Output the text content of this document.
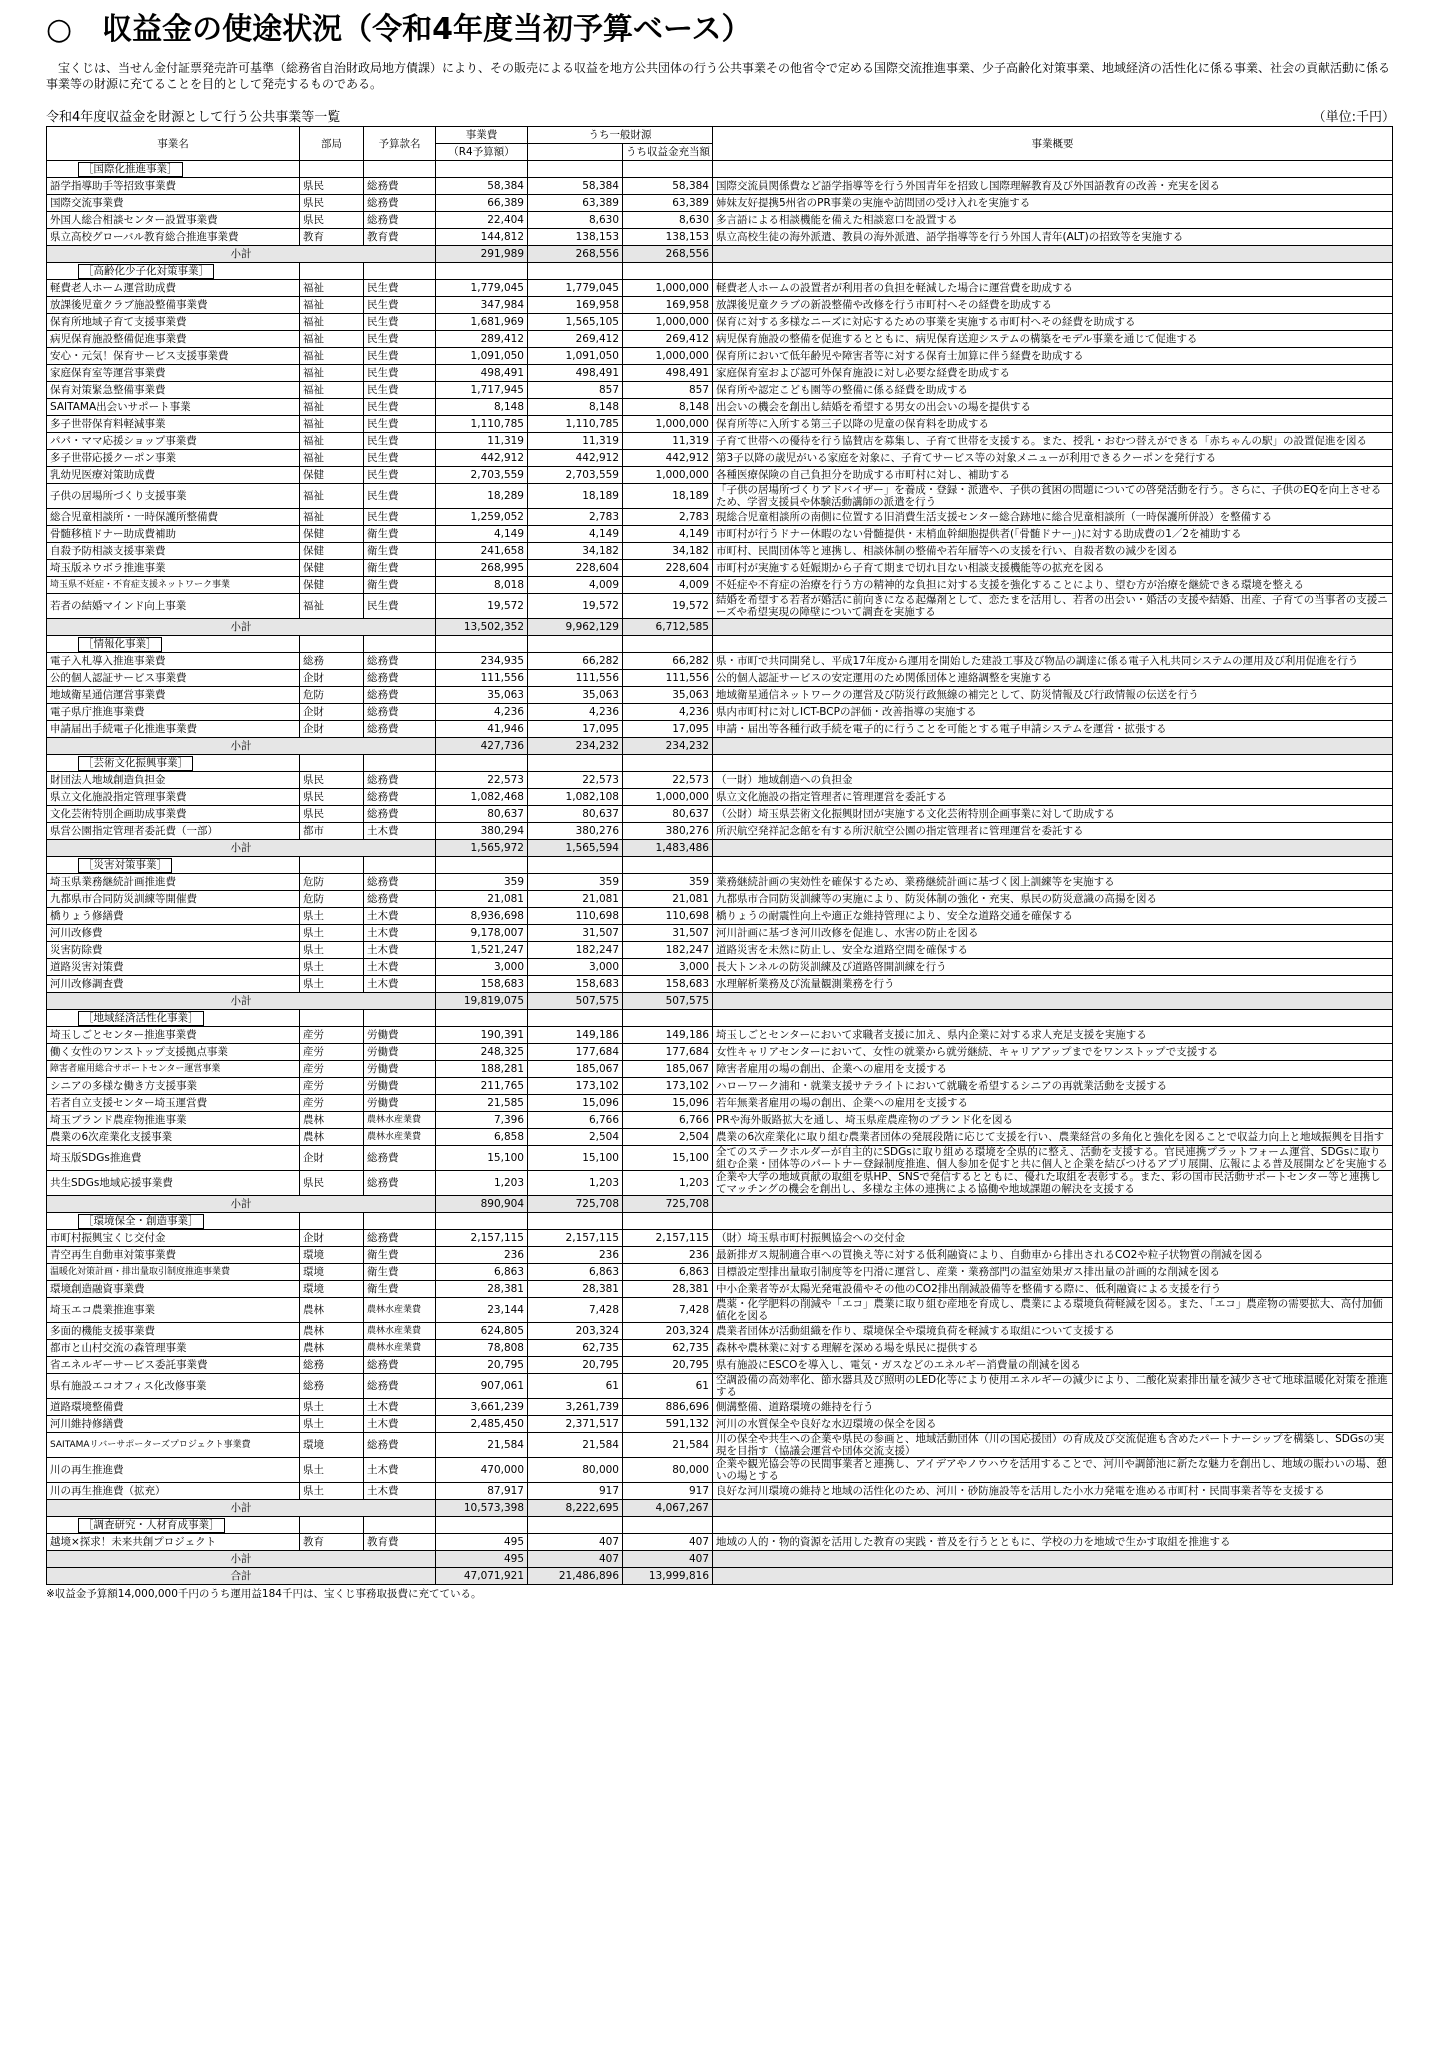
○　収益金の使途状況（令和4年度当初予算ベース）

宝くじは、当せん金付証票発売許可基準（総務省自治財政局地方債課）により、その販売による収益を地方公共団体の行う公共事業その他省令で定める国際交流推進事業、少子高齢化対策事業、地域経済の活性化に係る事業、社会の貢献活動に係る事業等の財源に充てることを目的として発売するものである。

令和4年度収益金を財源として行う公共事業等一覧	（単位:千円）
事業名	部局	予算款名	事業費	うち一般財源		事業概要
			（R4予算額）		うち収益金充当額	
［国際化推進事業］						
語学指導助手等招致事業費	県民	総務費	58,384	58,384	58,384	国際交流員関係費など語学指導等を行う外国青年を招致し国際理解教育及び外国語教育の改善・充実を図る
国際交流事業費	県民	総務費	66,389	63,389	63,389	姉妹友好提携5州省のPR事業の実施や訪問団の受け入れを実施する
外国人総合相談センター設置事業費	県民	総務費	22,404	8,630	8,630	多言語による相談機能を備えた相談窓口を設置する
県立高校グローバル教育総合推進事業費	教育	教育費	144,812	138,153	138,153	県立高校生徒の海外派遣、教員の海外派遣、語学指導等を行う外国人青年(ALT)の招致等を実施する
小計			291,989	268,556	268,556	
［高齢化少子化対策事業］						
軽費老人ホーム運営助成費	福祉	民生費	1,779,045	1,779,045	1,000,000	軽費老人ホームの設置者が利用者の負担を軽減した場合に運営費を助成する
放課後児童クラブ施設整備事業費	福祉	民生費	347,984	169,958	169,958	放課後児童クラブの新設整備や改修を行う市町村へその経費を助成する
保育所地域子育て支援事業費	福祉	民生費	1,681,969	1,565,105	1,000,000	保育に対する多様なニーズに対応するための事業を実施する市町村へその経費を助成する
病児保育施設整備促進事業費	福祉	民生費	289,412	269,412	269,412	病児保育施設の整備を促進するとともに、病児保育送迎システムの構築をモデル事業を通じて促進する
安心・元気！保育サービス支援事業費	福祉	民生費	1,091,050	1,091,050	1,000,000	保育所において低年齢児や障害者等に対する保育士加算に伴う経費を助成する
家庭保育室等運営事業費	福祉	民生費	498,491	498,491	498,491	家庭保育室および認可外保育施設に対し必要な経費を助成する
保育対策緊急整備事業費	福祉	民生費	1,717,945	857	857	保育所や認定こども園等の整備に係る経費を助成する
SAITAMA出会いサポート事業	福祉	民生費	8,148	8,148	8,148	出会いの機会を創出し結婚を希望する男女の出会いの場を提供する
多子世帯保育料軽減事業	福祉	民生費	1,110,785	1,110,785	1,000,000	保育所等に入所する第三子以降の児童の保育料を助成する
パパ・ママ応援ショップ事業費	福祉	民生費	11,319	11,319	11,319	子育て世帯への優待を行う協賛店を募集し、子育て世帯を支援する。また、授乳・おむつ替えができる「赤ちゃんの駅」の設置促進を図る
多子世帯応援クーポン事業	福祉	民生費	442,912	442,912	442,912	第3子以降の歳児がいる家庭を対象に、子育てサービス等の対象メニューが利用できるクーポンを発行する
乳幼児医療対策助成費	保健	民生費	2,703,559	2,703,559	1,000,000	各種医療保険の自己負担分を助成する市町村に対し、補助する
子供の居場所づくり支援事業	福祉	民生費	18,289	18,189	18,189	「子供の居場所づくりアドバイザー」を養成・登録・派遣や、子供の貧困の問題についての啓発活動を行う。さらに、子供のEQを向上させるため、学習支援員や体験活動講師の派遣を行う
総合児童相談所・一時保護所整備費	福祉	民生費	1,259,052	2,783	2,783	現総合児童相談所の南側に位置する旧消費生活支援センター総合跡地に総合児童相談所（一時保護所併設）を整備する
骨髄移植ドナー助成費補助	保健	衛生費	4,149	4,149	4,149	市町村が行うドナー休暇のない骨髄提供・末梢血幹細胞提供者(「骨髄ドナー」)に対する助成費の1／2を補助する
自殺予防相談支援事業費	保健	衛生費	241,658	34,182	34,182	市町村、民間団体等と連携し、相談体制の整備や若年層等への支援を行い、自殺者数の減少を図る
埼玉版ネウボラ推進事業	保健	衛生費	268,995	228,604	228,604	市町村が実施する妊娠期から子育て期まで切れ目ない相談支援機能等の拡充を図る
埼玉県不妊症・不育症支援ネットワーク事業	保健	衛生費	8,018	4,009	4,009	不妊症や不育症の治療を行う方の精神的な負担に対する支援を強化することにより、望む方が治療を継続できる環境を整える
若者の結婚マインド向上事業	福祉	民生費	19,572	19,572	19,572	結婚を希望する若者が婚活に前向きになる起爆剤として、恋たまを活用し、若者の出会い・婚活の支援や結婚、出産、子育ての当事者の支援ニーズや希望実現の障壁について調査を実施する
小計			13,502,352	9,962,129	6,712,585	
［情報化事業］						
電子入札導入推進事業費	総務	総務費	234,935	66,282	66,282	県・市町で共同開発し、平成17年度から運用を開始した建設工事及び物品の調達に係る電子入札共同システムの運用及び利用促進を行う
公的個人認証サービス事業費	企財	総務費	111,556	111,556	111,556	公的個人認証サービスの安定運用のため関係団体と連絡調整を実施する
地域衛星通信運営事業費	危防	総務費	35,063	35,063	35,063	地域衛星通信ネットワークの運営及び防災行政無線の補完として、防災情報及び行政情報の伝送を行う
電子県庁推進事業費	企財	総務費	4,236	4,236	4,236	県内市町村に対しICT-BCPの評価・改善指導の実施する
申請届出手続電子化推進事業費	企財	総務費	41,946	17,095	17,095	申請・届出等各種行政手続を電子的に行うことを可能とする電子申請システムを運営・拡張する
小計			427,736	234,232	234,232	
［芸術文化振興事業］						
財団法人地域創造負担金	県民	総務費	22,573	22,573	22,573	（一財）地域創造への負担金
県立文化施設指定管理事業費	県民	総務費	1,082,468	1,082,108	1,000,000	県立文化施設の指定管理者に管理運営を委託する
文化芸術特別企画助成事業費	県民	総務費	80,637	80,637	80,637	（公財）埼玉県芸術文化振興財団が実施する文化芸術特別企画事業に対して助成する
県営公園指定管理者委託費（一部）	都市	土木費	380,294	380,276	380,276	所沢航空発祥記念館を有する所沢航空公園の指定管理者に管理運営を委託する
小計			1,565,972	1,565,594	1,483,486	
［災害対策事業］						
埼玉県業務継続計画推進費	危防	総務費	359	359	359	業務継続計画の実効性を確保するため、業務継続計画に基づく図上訓練等を実施する
九都県市合同防災訓練等開催費	危防	総務費	21,081	21,081	21,081	九都県市合同防災訓練等の実施により、防災体制の強化・充実、県民の防災意識の高揚を図る
橋りょう修繕費	県土	土木費	8,936,698	110,698	110,698	橋りょうの耐震性向上や適正な維持管理により、安全な道路交通を確保する
河川改修費	県土	土木費	9,178,007	31,507	31,507	河川計画に基づき河川改修を促進し、水害の防止を図る
災害防除費	県土	土木費	1,521,247	182,247	182,247	道路災害を未然に防止し、安全な道路空間を確保する
道路災害対策費	県土	土木費	3,000	3,000	3,000	長大トンネルの防災訓練及び道路啓開訓練を行う
河川改修調査費	県土	土木費	158,683	158,683	158,683	水理解析業務及び流量観測業務を行う
小計			19,819,075	507,575	507,575	
［地域経済活性化事業］						
埼玉しごとセンター推進事業費	産労	労働費	190,391	149,186	149,186	埼玉しごとセンターにおいて求職者支援に加え、県内企業に対する求人充足支援を実施する
働く女性のワンストップ支援拠点事業	産労	労働費	248,325	177,684	177,684	女性キャリアセンターにおいて、女性の就業から就労継続、キャリアアップまでをワンストップで支援する
障害者雇用総合サポートセンター運営事業	産労	労働費	188,281	185,067	185,067	障害者雇用の場の創出、企業への雇用を支援する
シニアの多様な働き方支援事業	産労	労働費	211,765	173,102	173,102	ハローワーク浦和・就業支援サテライトにおいて就職を希望するシニアの再就業活動を支援する
若者自立支援センター埼玉運営費	産労	労働費	21,585	15,096	15,096	若年無業者雇用の場の創出、企業への雇用を支援する
埼玉ブランド農産物推進事業	農林	農林水産業費	7,396	6,766	6,766	PRや海外販路拡大を通し、埼玉県産農産物のブランド化を図る
農業の6次産業化支援事業	農林	農林水産業費	6,858	2,504	2,504	農業の6次産業化に取り組む農業者団体の発展段階に応じて支援を行い、農業経営の多角化と強化を図ることで収益力向上と地域振興を目指す
埼玉版SDGs推進費	企財	総務費	15,100	15,100	15,100	全てのステークホルダーが自主的にSDGsに取り組める環境を全県的に整え、活動を支援する。官民連携プラットフォーム運営、SDGsに取り組む企業・団体等のパートナー登録制度推進、個人参加を促すと共に個人と企業を結びつけるアプリ展開、広報による普及展開などを実施する
共生SDGs地域応援事業費	県民	総務費	1,203	1,203	1,203	企業や大学の地域貢献の取組を県HP、SNSで発信するとともに、優れた取組を表彰する。また、彩の国市民活動サポートセンター等と連携してマッチングの機会を創出し、多様な主体の連携による協働や地域課題の解決を支援する
小計			890,904	725,708	725,708	
［環境保全・創造事業］						
市町村振興宝くじ交付金	企財	総務費	2,157,115	2,157,115	2,157,115	（財）埼玉県市町村振興協会への交付金
青空再生自動車対策事業費	環境	衛生費	236	236	236	最新排ガス規制適合車への買換え等に対する低利融資により、自動車から排出されるCO2や粒子状物質の削減を図る
温暖化対策計画・排出量取引制度推進事業費	環境	衛生費	6,863	6,863	6,863	目標設定型排出量取引制度等を円滑に運営し、産業・業務部門の温室効果ガス排出量の計画的な削減を図る
環境創造融資事業費	環境	衛生費	28,381	28,381	28,381	中小企業者等が太陽光発電設備やその他のCO2排出削減設備等を整備する際に、低利融資による支援を行う
埼玉エコ農業推進事業	農林	農林水産業費	23,144	7,428	7,428	農薬・化学肥料の削減や「エコ」農業に取り組む産地を育成し、農業による環境負荷軽減を図る。また、「エコ」農産物の需要拡大、高付加価値化を図る
多面的機能支援事業費	農林	農林水産業費	624,805	203,324	203,324	農業者団体が活動組織を作り、環境保全や環境負荷を軽減する取組について支援する
都市と山村交流の森管理事業	農林	農林水産業費	78,808	62,735	62,735	森林や農林業に対する理解を深める場を県民に提供する
省エネルギーサービス委託事業費	総務	総務費	20,795	20,795	20,795	県有施設にESCOを導入し、電気・ガスなどのエネルギー消費量の削減を図る
県有施設エコオフィス化改修事業	総務	総務費	907,061	61	61	空調設備の高効率化、節水器具及び照明のLED化等により使用エネルギーの減少により、二酸化炭素排出量を減少させて地球温暖化対策を推進する
道路環境整備費	県土	土木費	3,661,239	3,261,739	886,696	側溝整備、道路環境の維持を行う
河川維持修繕費	県土	土木費	2,485,450	2,371,517	591,132	河川の水質保全や良好な水辺環境の保全を図る
SAITAMAリバーサポーターズプロジェクト事業費	環境	総務費	21,584	21,584	21,584	川の保全や共生への企業や県民の参画と、地域活動団体（川の国応援団）の育成及び交流促進も含めたパートナーシップを構築し、SDGsの実現を目指す（協議会運営や団体交流支援）
川の再生推進費	県土	土木費	470,000	80,000	80,000	企業や観光協会等の民間事業者と連携し、アイデアやノウハウを活用することで、河川や調節池に新たな魅力を創出し、地域の賑わいの場、憩いの場とする
川の再生推進費（拡充）	県土	土木費	87,917	917	917	良好な河川環境の維持と地域の活性化のため、河川・砂防施設等を活用した小水力発電を進める市町村・民間事業者等を支援する
小計			10,573,398	8,222,695	4,067,267	
［調査研究・人材育成事業］						
越境×探求！未来共創プロジェクト	教育	教育費	495	407	407	地域の人的・物的資源を活用した教育の実践・普及を行うとともに、学校の力を地域で生かす取組を推進する
小計			495	407	407	
合計			47,071,921	21,486,896	13,999,816	
※収益金予算額14,000,000千円のうち運用益184千円は、宝くじ事務取扱費に充てている。
